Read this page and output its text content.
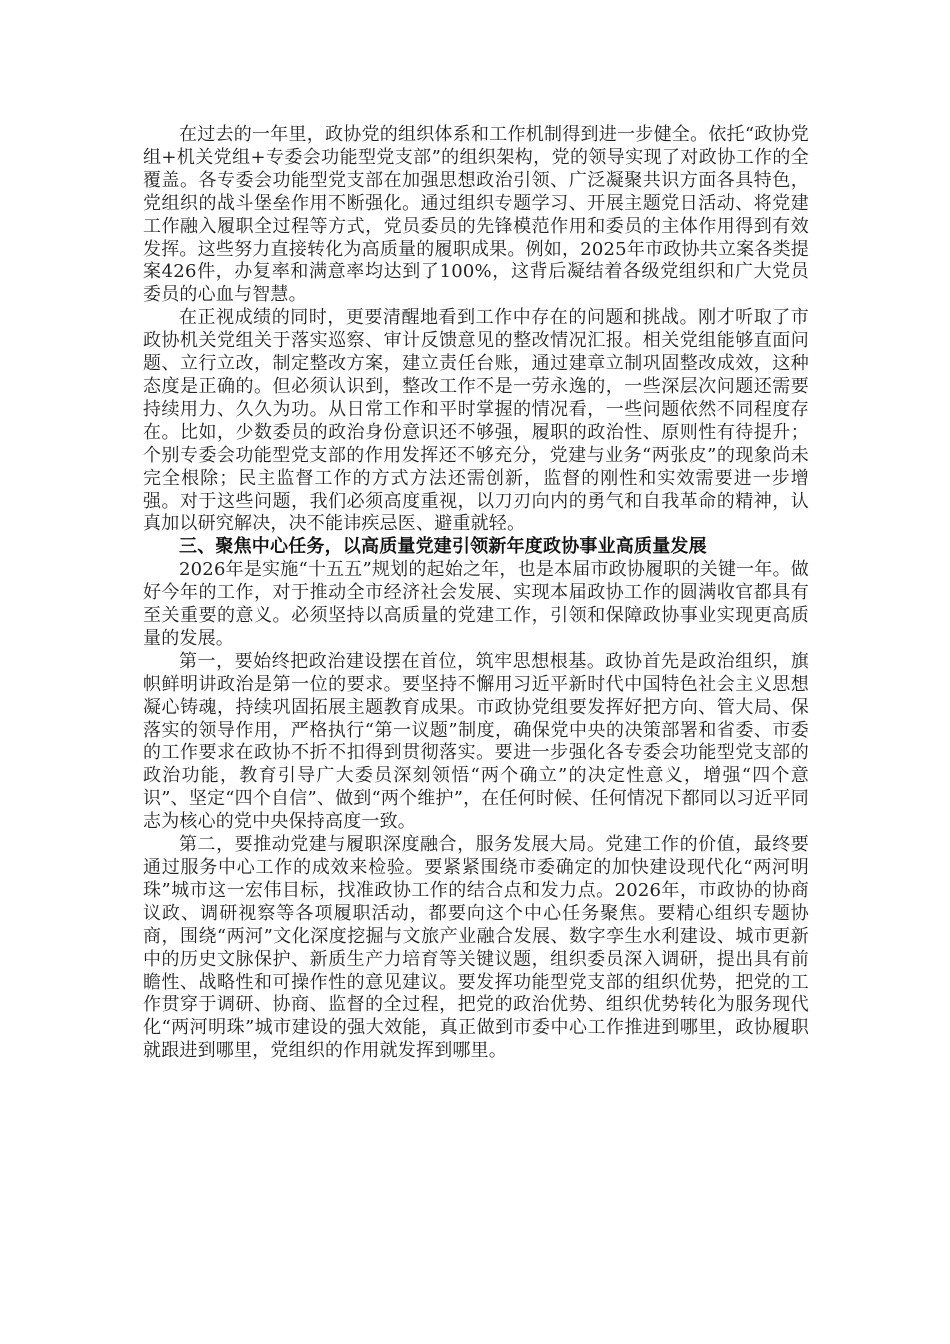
在过去的一年里，政协党的组织体系和工作机制得到进一步健全。依托“政协党组+机关党组+专委会功能型党支部”的组织架构，党的领导实现了对政协工作的全覆盖。各专委会功能型党支部在加强思想政治引领、广泛凝聚共识方面各具特色，党组织的战斗堡垒作用不断强化。通过组织专题学习、开展主题党日活动、将党建工作融入履职全过程等方式，党员委员的先锋模范作用和委员的主体作用得到有效发挥。这些努力直接转化为高质量的履职成果。例如，2025年市政协共立案各类提案426件，办复率和满意率均达到了100%，这背后凝结着各级党组织和广大党员委员的心血与智慧。

在正视成绩的同时，更要清醒地看到工作中存在的问题和挑战。刚才听取了市政协机关党组关于落实巡察、审计反馈意见的整改情况汇报。相关党组能够直面问题、立行立改，制定整改方案，建立责任台账，通过建章立制巩固整改成效，这种态度是正确的。但必须认识到，整改工作不是一劳永逸的，一些深层次问题还需要持续用力、久久为功。从日常工作和平时掌握的情况看，一些问题依然不同程度存在。比如，少数委员的政治身份意识还不够强，履职的政治性、原则性有待提升；个别专委会功能型党支部的作用发挥还不够充分，党建与业务“两张皮”的现象尚未完全根除；民主监督工作的方式方法还需创新，监督的刚性和实效需要进一步增强。对于这些问题，我们必须高度重视，以刀刃向内的勇气和自我革命的精神，认真加以研究解决，决不能讳疾忌医、避重就轻。

三、聚焦中心任务，以高质量党建引领新年度政协事业高质量发展

2026年是实施“十五五”规划的起始之年，也是本届市政协履职的关键一年。做好今年的工作，对于推动全市经济社会发展、实现本届政协工作的圆满收官都具有至关重要的意义。必须坚持以高质量的党建工作，引领和保障政协事业实现更高质量的发展。

第一，要始终把政治建设摆在首位，筑牢思想根基。政协首先是政治组织，旗帜鲜明讲政治是第一位的要求。要坚持不懈用习近平新时代中国特色社会主义思想凝心铸魂，持续巩固拓展主题教育成果。市政协党组要发挥好把方向、管大局、保落实的领导作用，严格执行“第一议题”制度，确保党中央的决策部署和省委、市委的工作要求在政协不折不扣得到贯彻落实。要进一步强化各专委会功能型党支部的政治功能，教育引导广大委员深刻领悟“两个确立”的决定性意义，增强“四个意识”、坚定“四个自信”、做到“两个维护”，在任何时候、任何情况下都同以习近平同志为核心的党中央保持高度一致。

第二，要推动党建与履职深度融合，服务发展大局。党建工作的价值，最终要通过服务中心工作的成效来检验。要紧紧围绕市委确定的加快建设现代化“两河明珠”城市这一宏伟目标，找准政协工作的结合点和发力点。2026年，市政协的协商议政、调研视察等各项履职活动，都要向这个中心任务聚焦。要精心组织专题协商，围绕“两河”文化深度挖掘与文旅产业融合发展、数字孪生水利建设、城市更新中的历史文脉保护、新质生产力培育等关键议题，组织委员深入调研，提出具有前瞻性、战略性和可操作性的意见建议。要发挥功能型党支部的组织优势，把党的工作贯穿于调研、协商、监督的全过程，把党的政治优势、组织优势转化为服务现代化“两河明珠”城市建设的强大效能，真正做到市委中心工作推进到哪里，政协履职就跟进到哪里，党组织的作用就发挥到哪里。
